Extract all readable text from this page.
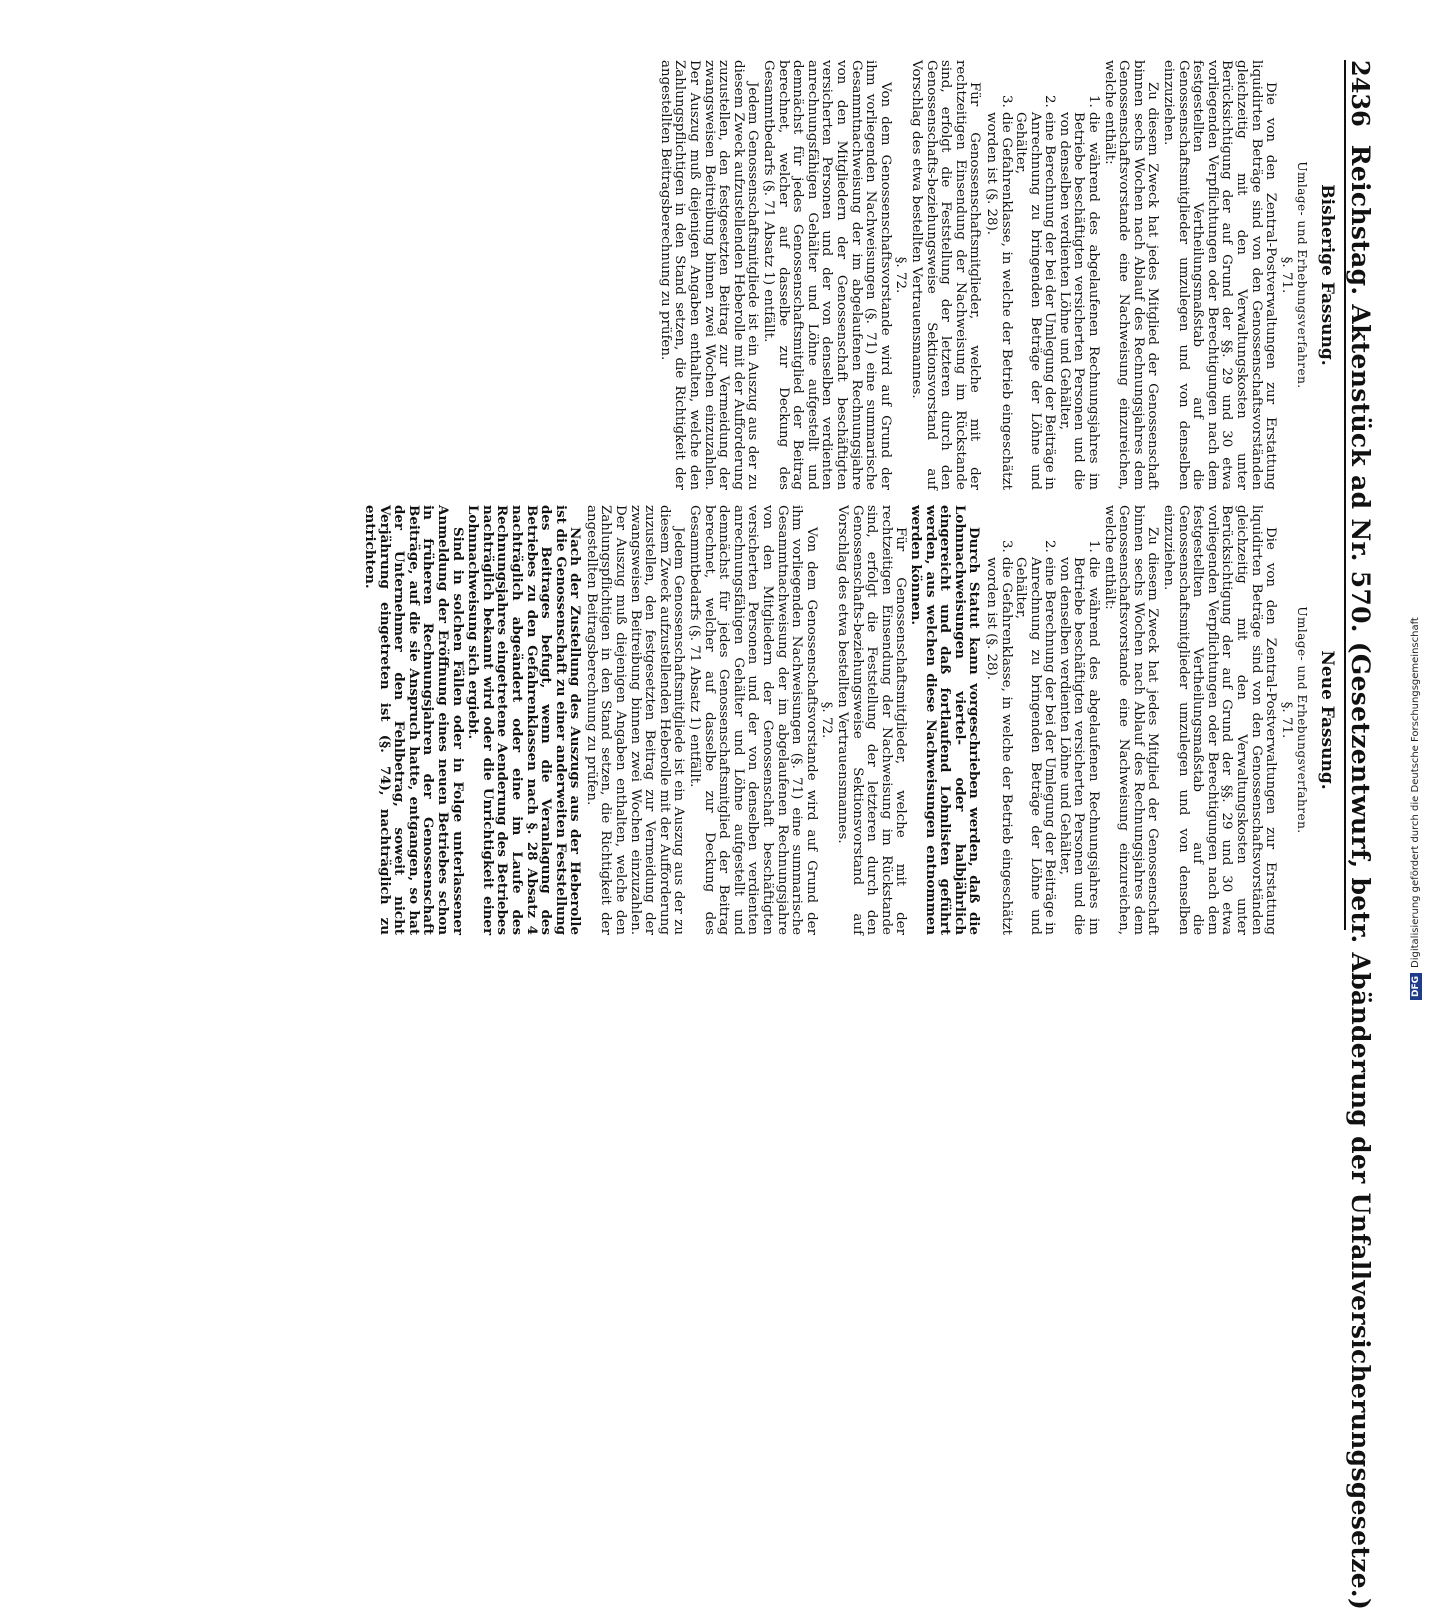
2436
Reichstag. Aktenstück ad Nr. 570. (Gesetzentwurf, betr. Abänderung der Unfallversicherungsgesetze.)
Bisherige Fassung.
Umlage- und Erhebungsverfahren.
§. 71.

Die von den Zentral-Postverwaltungen zur Erstattung liquidirten Beträge sind von den Genossenschaftsvorständen gleichzeitig mit den Verwaltungskosten unter Berücksichtigung der auf Grund der §§. 29 und 30 etwa vorliegenden Verpflichtungen oder Berechtigungen nach dem festgestellten Vertheilungsmaßstab auf die Genossenschaftsmitglieder umzulegen und von denselben einzuziehen.

Zu diesem Zweck hat jedes Mitglied der Genossenschaft binnen sechs Wochen nach Ablauf des Rechnungsjahres dem Genossenschaftsvorstande eine Nachweisung einzureichen, welche enthält:

1. die während des abgelaufenen Rechnungsjahres im Betriebe beschäftigten versicherten Personen und die von denselben verdienten Löhne und Gehälter,
2. eine Berechnung der bei der Umlegung der Beiträge in Anrechnung zu bringenden Beträge der Löhne und Gehälter,
3. die Gefahrenklasse, in welche der Betrieb eingeschätzt worden ist (§. 28).

Für Genossenschaftsmitglieder, welche mit der rechtzeitigen Einsendung der Nachweisung im Rückstande sind, erfolgt die Feststellung der letzteren durch den Genossenschafts-beziehungsweise Sektionsvorstand auf Vorschlag des etwa bestellten Vertrauensmannes.

§. 72.

Von dem Genossenschaftsvorstande wird auf Grund der ihm vorliegenden Nachweisungen (§. 71) eine summarische Gesammtnachweisung der im abgelaufenen Rechnungsjahre von den Mitgliedern der Genossenschaft beschäftigten versicherten Personen und der von denselben verdienten anrechnungsfähigen Gehälter und Löhne aufgestellt und demnächst für jedes Genossenschaftsmitglied der Beitrag berechnet, welcher auf dasselbe zur Deckung des Gesammtbedarfs (§. 71 Absatz 1) entfällt.

Jedem Genossenschaftsmitgliede ist ein Auszug aus der zu diesem Zweck aufzustellenden Heberolle mit der Aufforderung zuzustellen, den festgesetzten Beitrag zur Vermeidung der zwangsweisen Beitreibung binnen zwei Wochen einzuzahlen. Der Auszug muß diejenigen Angaben enthalten, welche den Zahlungspflichtigen in den Stand setzen, die Richtigkeit der angestellten Beitragsberechnung zu prüfen.

Neue Fassung.
Umlage- und Erhebungsverfahren.
§. 71.

Die von den Zentral-Postverwaltungen zur Erstattung liquidirten Beträge sind von den Genossenschaftsvorständen gleichzeitig mit den Verwaltungskosten unter Berücksichtigung der auf Grund der §§. 29 und 30 etwa vorliegenden Verpflichtungen oder Berechtigungen nach dem festgestellten Vertheilungsmaßstab auf die Genossenschaftsmitglieder umzulegen und von denselben einzuziehen.

Zu diesem Zweck hat jedes Mitglied der Genossenschaft binnen sechs Wochen nach Ablauf des Rechnungsjahres dem Genossenschaftsvorstande eine Nachweisung einzureichen, welche enthält:

1. die während des abgelaufenen Rechnungsjahres im Betriebe beschäftigten versicherten Personen und die von denselben verdienten Löhne und Gehälter,
2. eine Berechnung der bei der Umlegung der Beiträge in Anrechnung zu bringenden Beträge der Löhne und Gehälter,
3. die Gefahrenklasse, in welche der Betrieb eingeschätzt worden ist (§. 28).

Durch Statut kann vorgeschrieben werden, daß die Lohnnachweisungen viertel- oder halbjährlich eingereicht und daß fortlaufend Lohnlisten geführt werden, aus welchen diese Nachweisungen entnommen werden können.

Für Genossenschaftsmitglieder, welche mit der rechtzeitigen Einsendung der Nachweisung im Rückstande sind, erfolgt die Feststellung der letzteren durch den Genossenschafts-beziehungsweise Sektionsvorstand auf Vorschlag des etwa bestellten Vertrauensmannes.

§. 72.

Von dem Genossenschaftsvorstande wird auf Grund der ihm vorliegenden Nachweisungen (§. 71) eine summarische Gesammtnachweisung der im abgelaufenen Rechnungsjahre von den Mitgliedern der Genossenschaft beschäftigten versicherten Personen und der von denselben verdienten anrechnungsfähigen Gehälter und Löhne aufgestellt und demnächst für jedes Genossenschaftsmitglied der Beitrag berechnet, welcher auf dasselbe zur Deckung des Gesammtbedarfs (§. 71 Absatz 1) entfällt.

Jedem Genossenschaftsmitgliede ist ein Auszug aus der zu diesem Zweck aufzustellenden Heberolle mit der Aufforderung zuzustellen, den festgesetzten Beitrag zur Vermeidung der zwangsweisen Beitreibung binnen zwei Wochen einzuzahlen. Der Auszug muß diejenigen Angaben enthalten, welche den Zahlungspflichtigen in den Stand setzen, die Richtigkeit der angestellten Beitragsberechnung zu prüfen.

Nach der Zustellung des Auszugs aus der Heberolle ist die Genossenschaft zu einer anderweiten Feststellung des Beitrages befugt, wenn die Veranlagung des Betriebes zu den Gefahrenklassen nach §. 28 Absatz 4 nachträglich abgeändert oder eine im Laufe des Rechnungsjahres eingetretene Aenderung des Betriebes nachträglich bekannt wird oder die Unrichtigkeit einer Lohnnachweisung sich ergiebt.

Sind in solchen Fällen oder in Folge unterlassener Anmeldung der Eröffnung eines neuen Betriebes schon in früheren Rechnungsjahren der Genossenschaft Beiträge, auf die sie Anspruch hatte, entgangen, so hat der Unternehmer den Fehlbetrag, soweit nicht Verjährung eingetreten ist (§. 74), nachträglich zu entrichten.

DFGDigitalisierung gefördert durch die Deutsche Forschungsgemeinschaft
